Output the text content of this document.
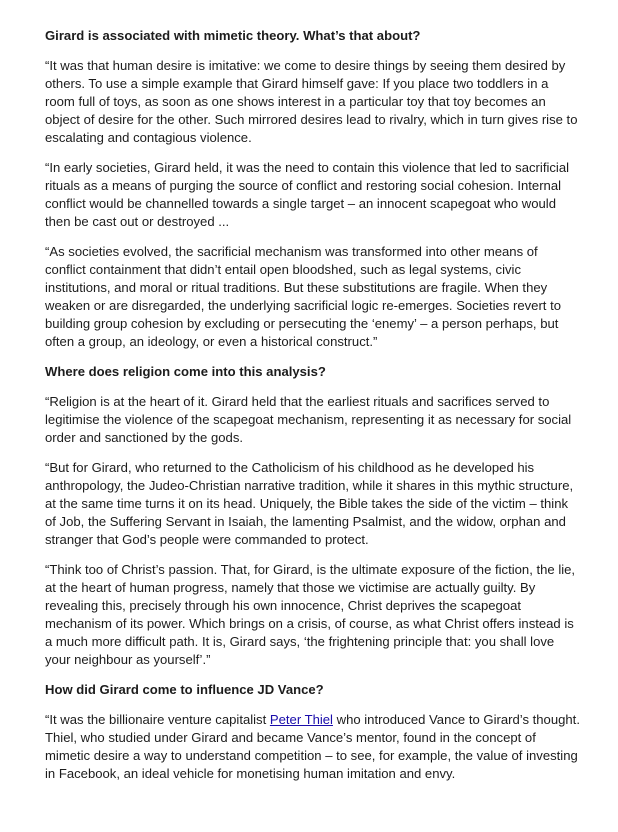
Girard is associated with mimetic theory. What’s that about?

“It was that human desire is imitative: we come to desire things by seeing them desired by others. To use a simple example that Girard himself gave: If you place two toddlers in a room full of toys, as soon as one shows interest in a particular toy that toy becomes an object of desire for the other. Such mirrored desires lead to rivalry, which in turn gives rise to escalating and contagious violence.

“In early societies, Girard held, it was the need to contain this violence that led to sacrificial rituals as a means of purging the source of conflict and restoring social cohesion. Internal conflict would be channelled towards a single target – an innocent scapegoat who would then be cast out or destroyed ...

“As societies evolved, the sacrificial mechanism was transformed into other means of conflict containment that didn’t entail open bloodshed, such as legal systems, civic institutions, and moral or ritual traditions. But these substitutions are fragile. When they weaken or are disregarded, the underlying sacrificial logic re-emerges. Societies revert to building group cohesion by excluding or persecuting the ‘enemy’ – a person perhaps, but often a group, an ideology, or even a historical construct.”

Where does religion come into this analysis?

“Religion is at the heart of it. Girard held that the earliest rituals and sacrifices served to legitimise the violence of the scapegoat mechanism, representing it as necessary for social order and sanctioned by the gods.

“But for Girard, who returned to the Catholicism of his childhood as he developed his anthropology, the Judeo-Christian narrative tradition, while it shares in this mythic structure, at the same time turns it on its head. Uniquely, the Bible takes the side of the victim – think of Job, the Suffering Servant in Isaiah, the lamenting Psalmist, and the widow, orphan and stranger that God’s people were commanded to protect.

“Think too of Christ’s passion. That, for Girard, is the ultimate exposure of the fiction, the lie, at the heart of human progress, namely that those we victimise are actually guilty. By revealing this, precisely through his own innocence, Christ deprives the scapegoat mechanism of its power. Which brings on a crisis, of course, as what Christ offers instead is a much more difficult path. It is, Girard says, ‘the frightening principle that: you shall love your neighbour as yourself’.”

How did Girard come to influence JD Vance?

“It was the billionaire venture capitalist Peter Thiel who introduced Vance to Girard’s thought. Thiel, who studied under Girard and became Vance’s mentor, found in the concept of mimetic desire a way to understand competition – to see, for example, the value of investing in Facebook, an ideal vehicle for monetising human imitation and envy.
